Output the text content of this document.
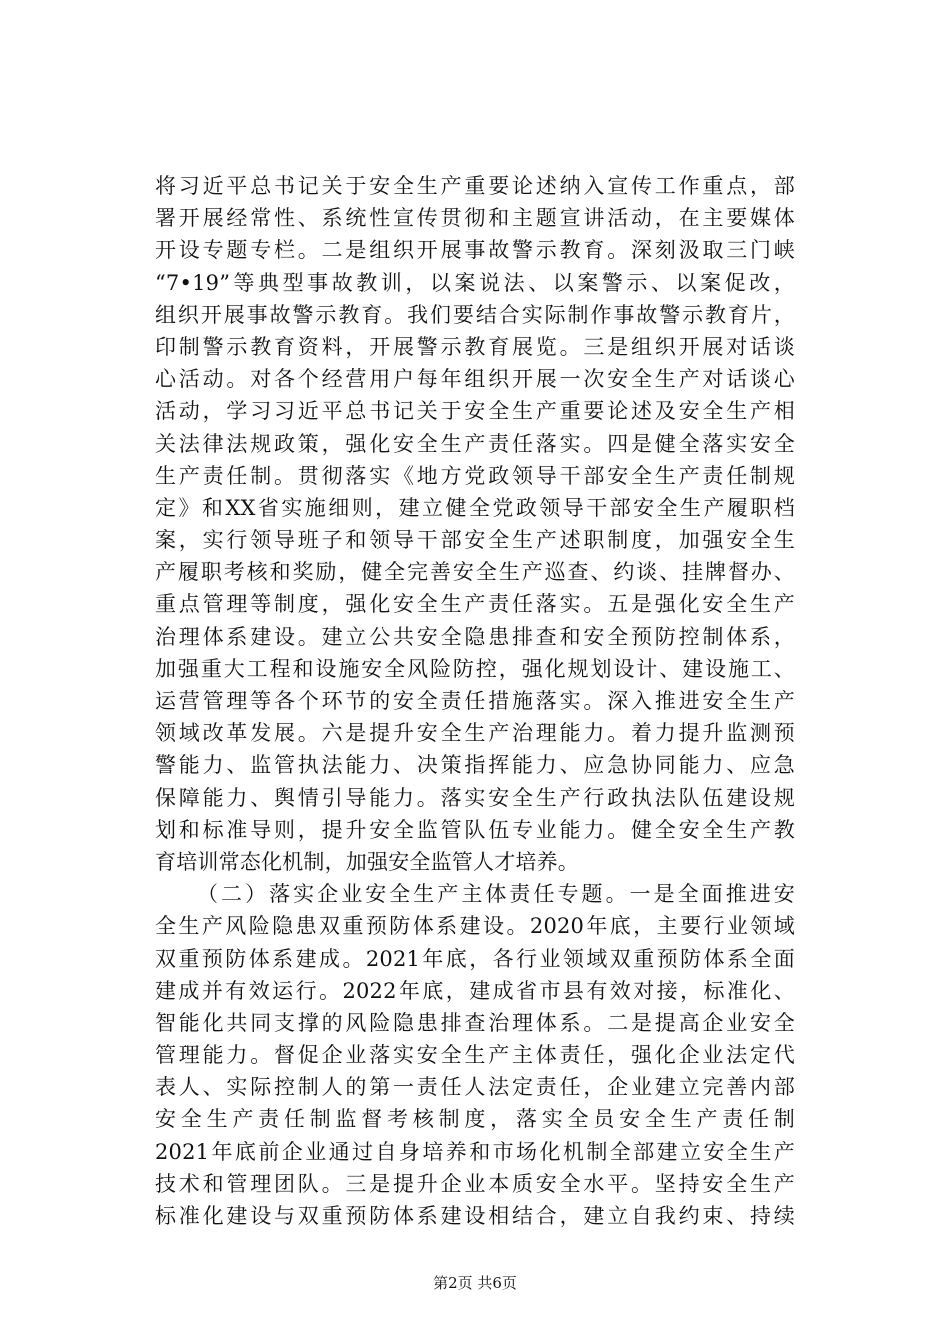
将习近平总书记关于安全生产重要论述纳入宣传工作重点，部
署开展经常性、系统性宣传贯彻和主题宣讲活动，在主要媒体
开设专题专栏。二是组织开展事故警示教育。深刻汲取三门峡
“7•19”等典型事故教训，以案说法、以案警示、以案促改，
组织开展事故警示教育。我们要结合实际制作事故警示教育片，
印制警示教育资料，开展警示教育展览。三是组织开展对话谈
心活动。对各个经营用户每年组织开展一次安全生产对话谈心
活动，学习习近平总书记关于安全生产重要论述及安全生产相
关法律法规政策，强化安全生产责任落实。四是健全落实安全
生产责任制。贯彻落实《地方党政领导干部安全生产责任制规
定》和XX省实施细则，建立健全党政领导干部安全生产履职档
案，实行领导班子和领导干部安全生产述职制度，加强安全生
产履职考核和奖励，健全完善安全生产巡查、约谈、挂牌督办、
重点管理等制度，强化安全生产责任落实。五是强化安全生产
治理体系建设。建立公共安全隐患排查和安全预防控制体系，
加强重大工程和设施安全风险防控，强化规划设计、建设施工、
运营管理等各个环节的安全责任措施落实。深入推进安全生产
领域改革发展。六是提升安全生产治理能力。着力提升监测预
警能力、监管执法能力、决策指挥能力、应急协同能力、应急
保障能力、舆情引导能力。落实安全生产行政执法队伍建设规
划和标准导则，提升安全监管队伍专业能力。健全安全生产教
育培训常态化机制，加强安全监管人才培养。
（二）落实企业安全生产主体责任专题。一是全面推进安
全生产风险隐患双重预防体系建设。2020年底，主要行业领域
双重预防体系建成。2021年底，各行业领域双重预防体系全面
建成并有效运行。2022年底，建成省市县有效对接，标准化、
智能化共同支撑的风险隐患排查治理体系。二是提高企业安全
管理能力。督促企业落实安全生产主体责任，强化企业法定代
表人、实际控制人的第一责任人法定责任，企业建立完善内部
安全生产责任制监督考核制度，落实全员安全生产责任制
2021年底前企业通过自身培养和市场化机制全部建立安全生产
技术和管理团队。三是提升企业本质安全水平。坚持安全生产
标准化建设与双重预防体系建设相结合，建立自我约束、持续
第2页 共6页
